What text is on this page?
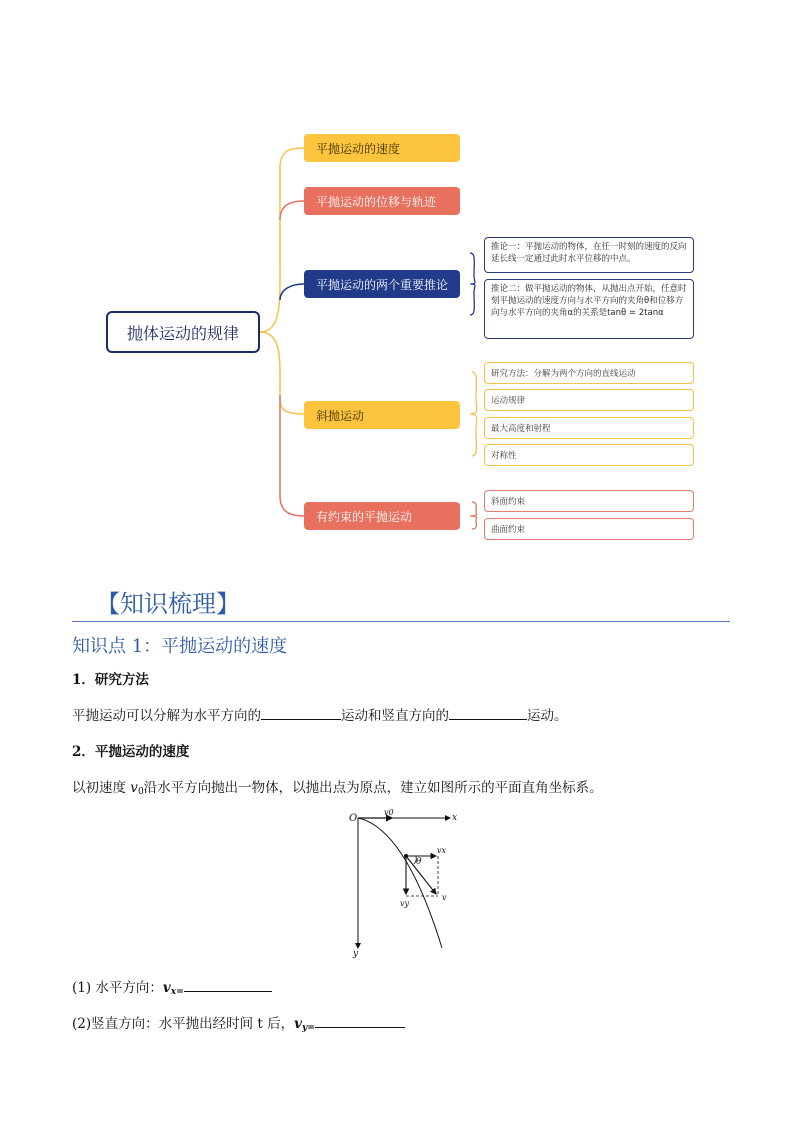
抛体运动的规律
平抛运动的速度
平抛运动的位移与轨迹
平抛运动的两个重要推论
斜抛运动
有约束的平抛运动
推论一：平抛运动的物体，在任一时刻的速度的反向延长线一定通过此时水平位移的中点。
推论二：做平抛运动的物体，从抛出点开始，任意时刻平抛运动的速度方向与水平方向的夹角θ和位移方向与水平方向的夹角α的关系是tanθ = 2tanα
研究方法：分解为两个方向的直线运动
运动规律
最大高度和射程
对称性
斜面约束
曲面约束
【知识梳理】
知识点 1：平抛运动的速度
1．研究方法
平抛运动可以分解为水平方向的	运动和竖直方向的	运动。
2．平抛运动的速度
以初速度 $v_0$沿水平方向抛出一物体，以抛出点为原点，建立如图所示的平面直角坐标系。
O	x
y
v0
vx
vy
v
θ
(1) 水平方向：$v_{x=}$
(2)竖直方向：水平抛出经时间 t 后，$v_{y=}$
